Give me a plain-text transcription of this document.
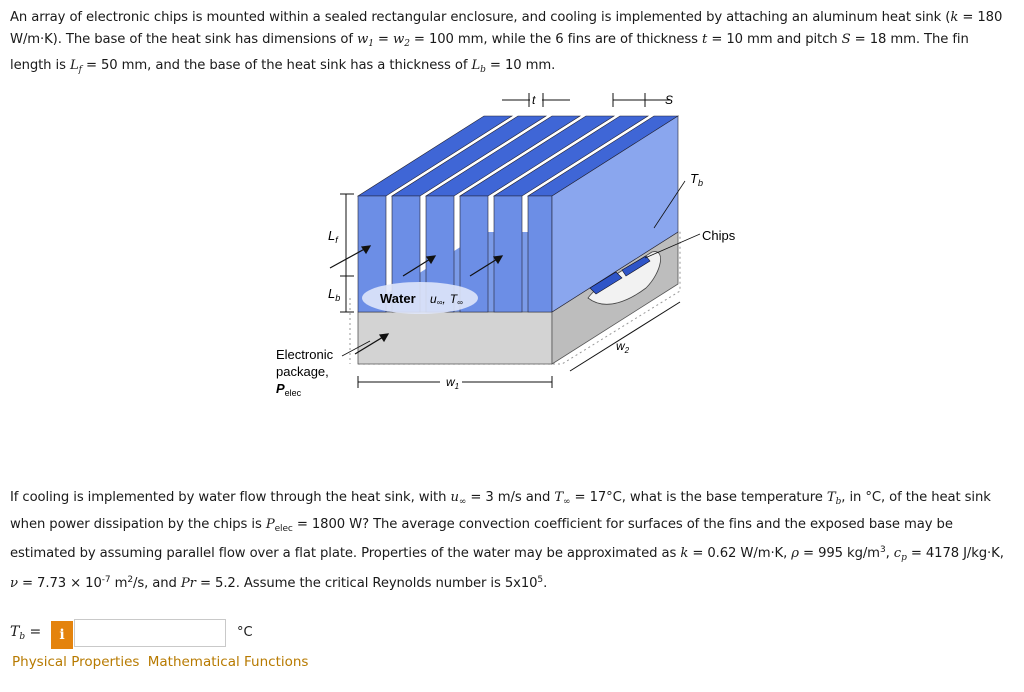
An array of electronic chips is mounted within a sealed rectangular enclosure, and cooling is implemented by attaching an aluminum heat sink (k = 180 W/m·K). The base of the heat sink has dimensions of $w_1 = w_2 = 100$ mm, while the 6 fins are of thickness t = 10 mm and pitch S = 18 mm. The fin length is $L_f = 50$ mm, and the base of the heat sink has a thickness of $L_b = 10$ mm.
Water u∞, T∞
t	S
$T_b$
Chips
$L_f$
$L_b$
Electronic
package,
$P_{elec}$
$w_1$
$w_2$
If cooling is implemented by water flow through the heat sink, with $u_\infty = 3$ m/s and $T_\infty = 17^\circ C$, what is the base temperature $T_b$, in °C, of the heat sink when power dissipation by the chips is $P_{elec} = 1800$ W? The average convection coefficient for surfaces of the fins and the exposed base may be estimated by assuming parallel flow over a flat plate. Properties of the water may be approximated as k = 0.62 W/m·K, ρ = 995 $kg/m^3$, $c_p = 4178$ J/kg·K, $\nu = 7.73 \times 10^{-7}$ $m^2/s$, and Pr = 5.2. Assume the critical Reynolds number is $5x10^5$.
$T_b$ =	i	°C
Physical Properties Mathematical Functions
